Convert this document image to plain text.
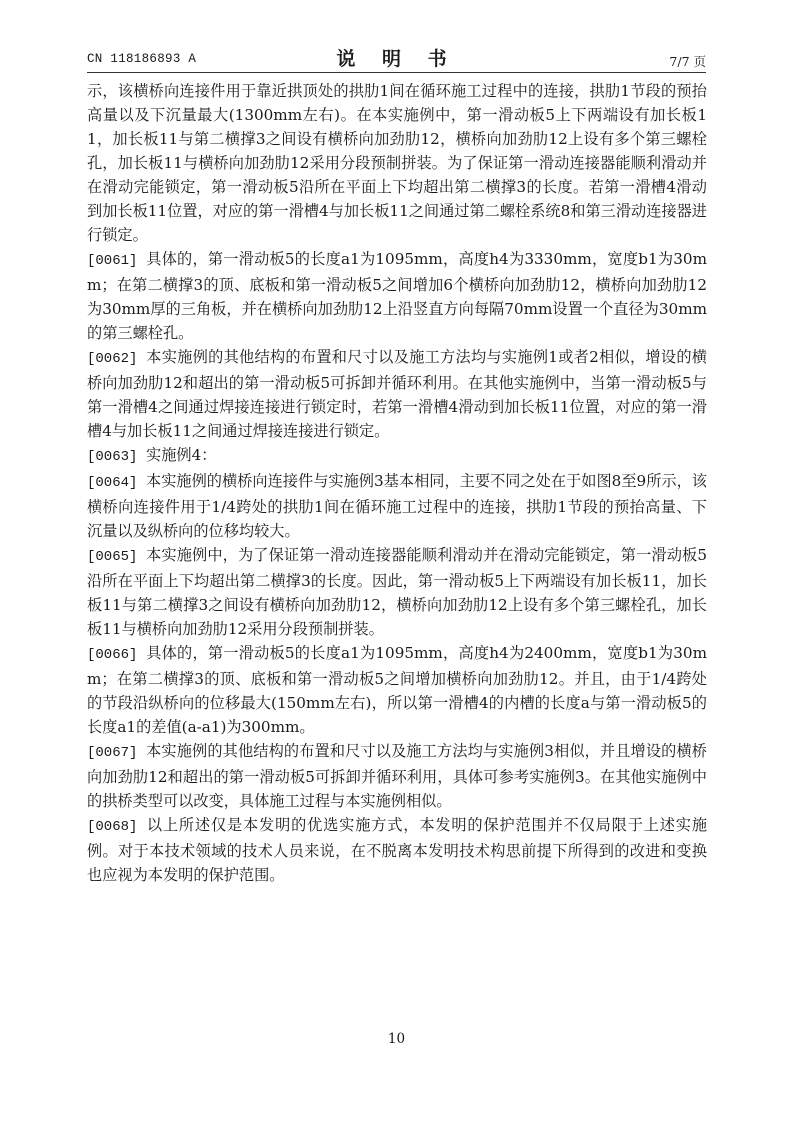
CN 118186893 A	说 明 书	7/7 页

示，该横桥向连接件用于靠近拱顶处的拱肋1间在循环施工过程中的连接，拱肋1节段的预抬高量以及下沉量最大(1300mm左右)。在本实施例中，第一滑动板5上下两端设有加长板11，加长板11与第二横撑3之间设有横桥向加劲肋12，横桥向加劲肋12上设有多个第三螺栓孔，加长板11与横桥向加劲肋12采用分段预制拼装。为了保证第一滑动连接器能顺利滑动并在滑动完能锁定，第一滑动板5沿所在平面上下均超出第二横撑3的长度。若第一滑槽4滑动到加长板11位置，对应的第一滑槽4与加长板11之间通过第二螺栓系统8和第三滑动连接器进行锁定。

[0061] 具体的，第一滑动板5的长度a1为1095mm，高度h4为3330mm，宽度b1为30mm；在第二横撑3的顶、底板和第一滑动板5之间增加6个横桥向加劲肋12，横桥向加劲肋12为30mm厚的三角板，并在横桥向加劲肋12上沿竖直方向每隔70mm设置一个直径为30mm的第三螺栓孔。

[0062] 本实施例的其他结构的布置和尺寸以及施工方法均与实施例1或者2相似，增设的横桥向加劲肋12和超出的第一滑动板5可拆卸并循环利用。在其他实施例中，当第一滑动板5与第一滑槽4之间通过焊接连接进行锁定时，若第一滑槽4滑动到加长板11位置，对应的第一滑槽4与加长板11之间通过焊接连接进行锁定。

[0063] 实施例4：

[0064] 本实施例的横桥向连接件与实施例3基本相同，主要不同之处在于如图8至9所示，该横桥向连接件用于1/4跨处的拱肋1间在循环施工过程中的连接，拱肋1节段的预抬高量、下沉量以及纵桥向的位移均较大。

[0065] 本实施例中，为了保证第一滑动连接器能顺利滑动并在滑动完能锁定，第一滑动板5沿所在平面上下均超出第二横撑3的长度。因此，第一滑动板5上下两端设有加长板11，加长板11与第二横撑3之间设有横桥向加劲肋12，横桥向加劲肋12上设有多个第三螺栓孔，加长板11与横桥向加劲肋12采用分段预制拼装。

[0066] 具体的，第一滑动板5的长度a1为1095mm，高度h4为2400mm，宽度b1为30mm；在第二横撑3的顶、底板和第一滑动板5之间增加横桥向加劲肋12。并且，由于1/4跨处的节段沿纵桥向的位移最大(150mm左右)，所以第一滑槽4的内槽的长度a与第一滑动板5的长度a1的差值(a-a1)为300mm。

[0067] 本实施例的其他结构的布置和尺寸以及施工方法均与实施例3相似，并且增设的横桥向加劲肋12和超出的第一滑动板5可拆卸并循环利用，具体可参考实施例3。在其他实施例中的拱桥类型可以改变，具体施工过程与本实施例相似。

[0068] 以上所述仅是本发明的优选实施方式，本发明的保护范围并不仅局限于上述实施例。对于本技术领域的技术人员来说，在不脱离本发明技术构思前提下所得到的改进和变换也应视为本发明的保护范围。

10
